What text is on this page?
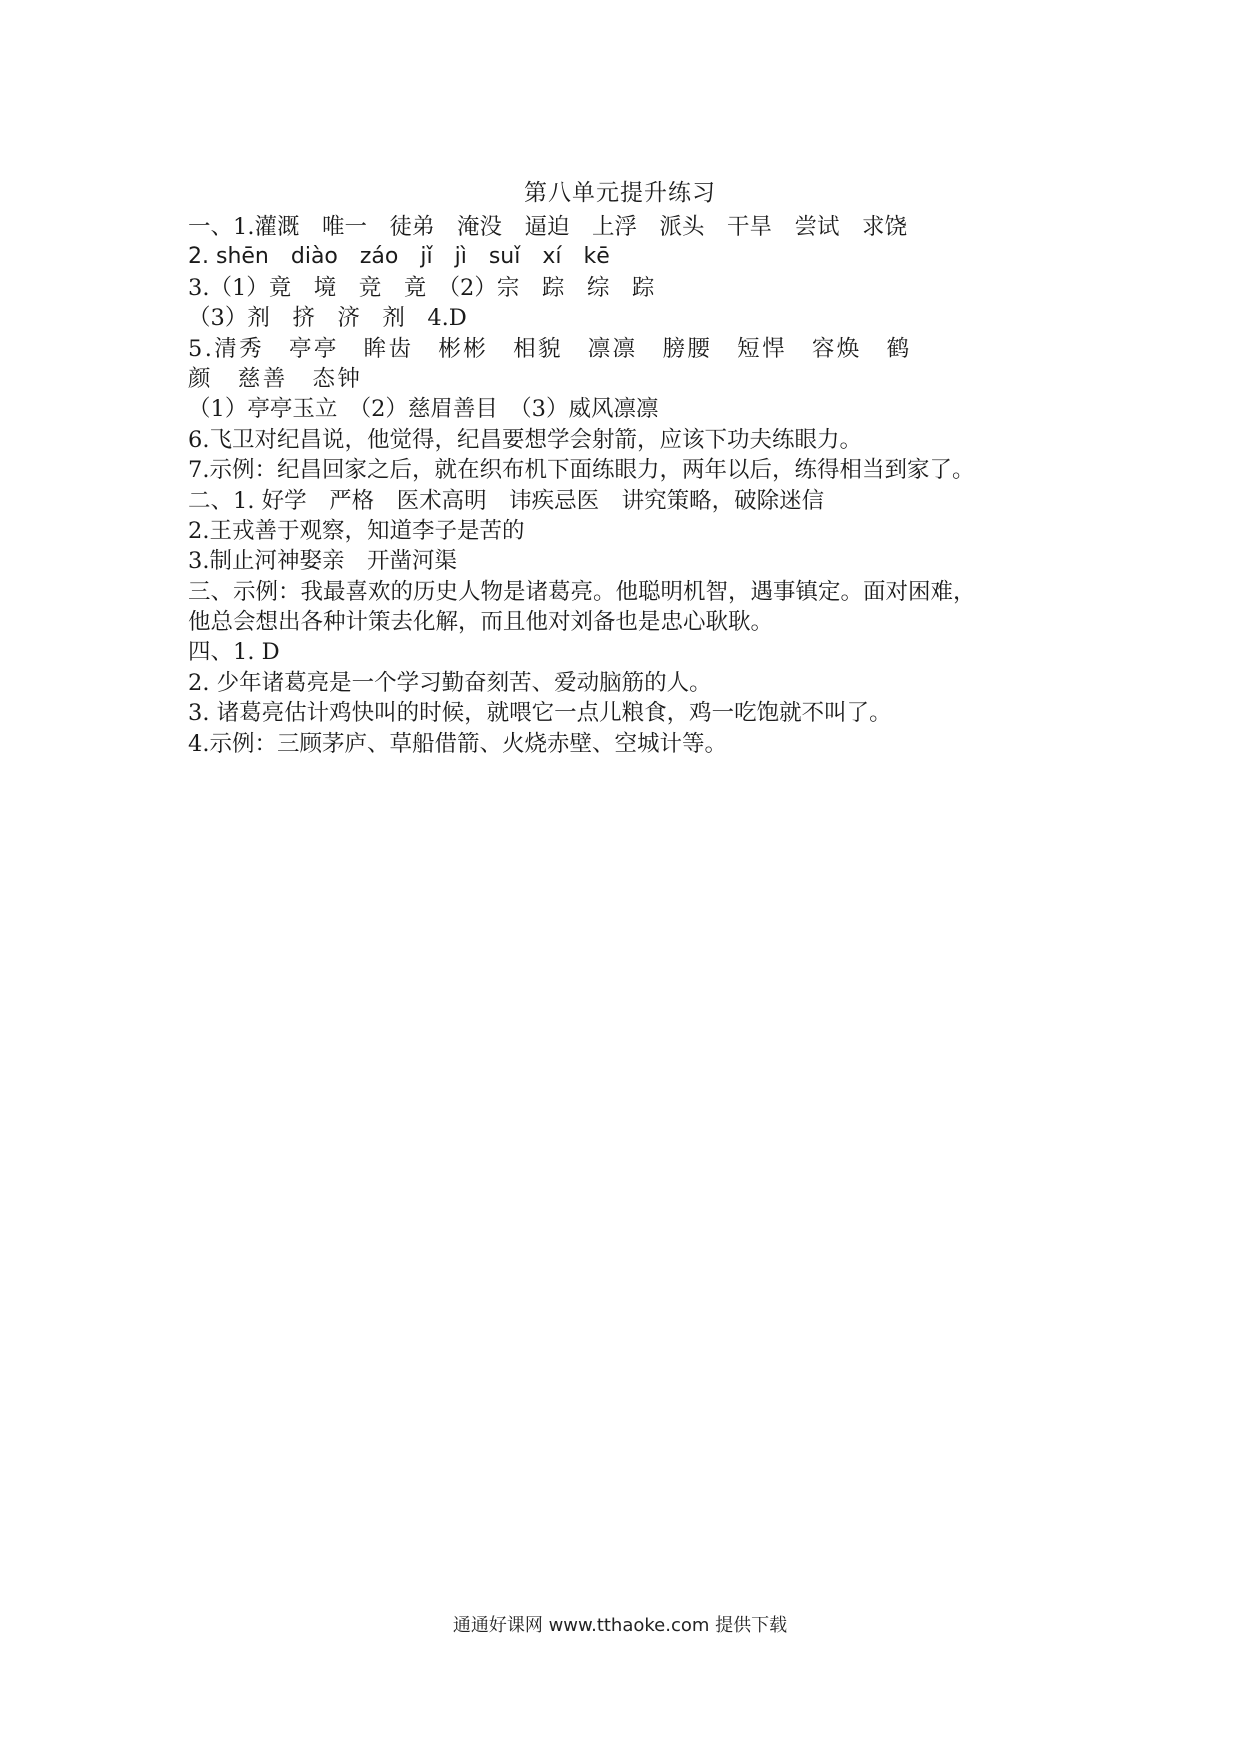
第八单元提升练习
一、1.灌溉　唯一　徒弟　淹没　逼迫　上浮　派头　干旱　尝试　求饶
2. shēn　diào　záo　jǐ　jì　suǐ　xí　kē
3.（1）竟　境　竞　竟　（2）宗　踪　综　踪
（3）剂　挤　济　剂　4.D
5.清秀　亭亭　眸齿　彬彬　相貌　凛凛　膀腰　短悍　容焕　鹤
颜　慈善　态钟
（1）亭亭玉立　（2）慈眉善目　（3）威风凛凛
6.飞卫对纪昌说，他觉得，纪昌要想学会射箭，应该下功夫练眼力。
7.示例：纪昌回家之后，就在织布机下面练眼力，两年以后，练得相当到家了。
二、1. 好学　严格　医术高明　讳疾忌医　讲究策略，破除迷信
2.王戎善于观察，知道李子是苦的
3.制止河神娶亲　开凿河渠
三、示例：我最喜欢的历史人物是诸葛亮。他聪明机智，遇事镇定。面对困难，
他总会想出各种计策去化解，而且他对刘备也是忠心耿耿。
四、1. D
2. 少年诸葛亮是一个学习勤奋刻苦、爱动脑筋的人。
3. 诸葛亮估计鸡快叫的时候，就喂它一点儿粮食，鸡一吃饱就不叫了。
4.示例：三顾茅庐、草船借箭、火烧赤壁、空城计等。
通通好课网 www.tthaoke.com 提供下载
